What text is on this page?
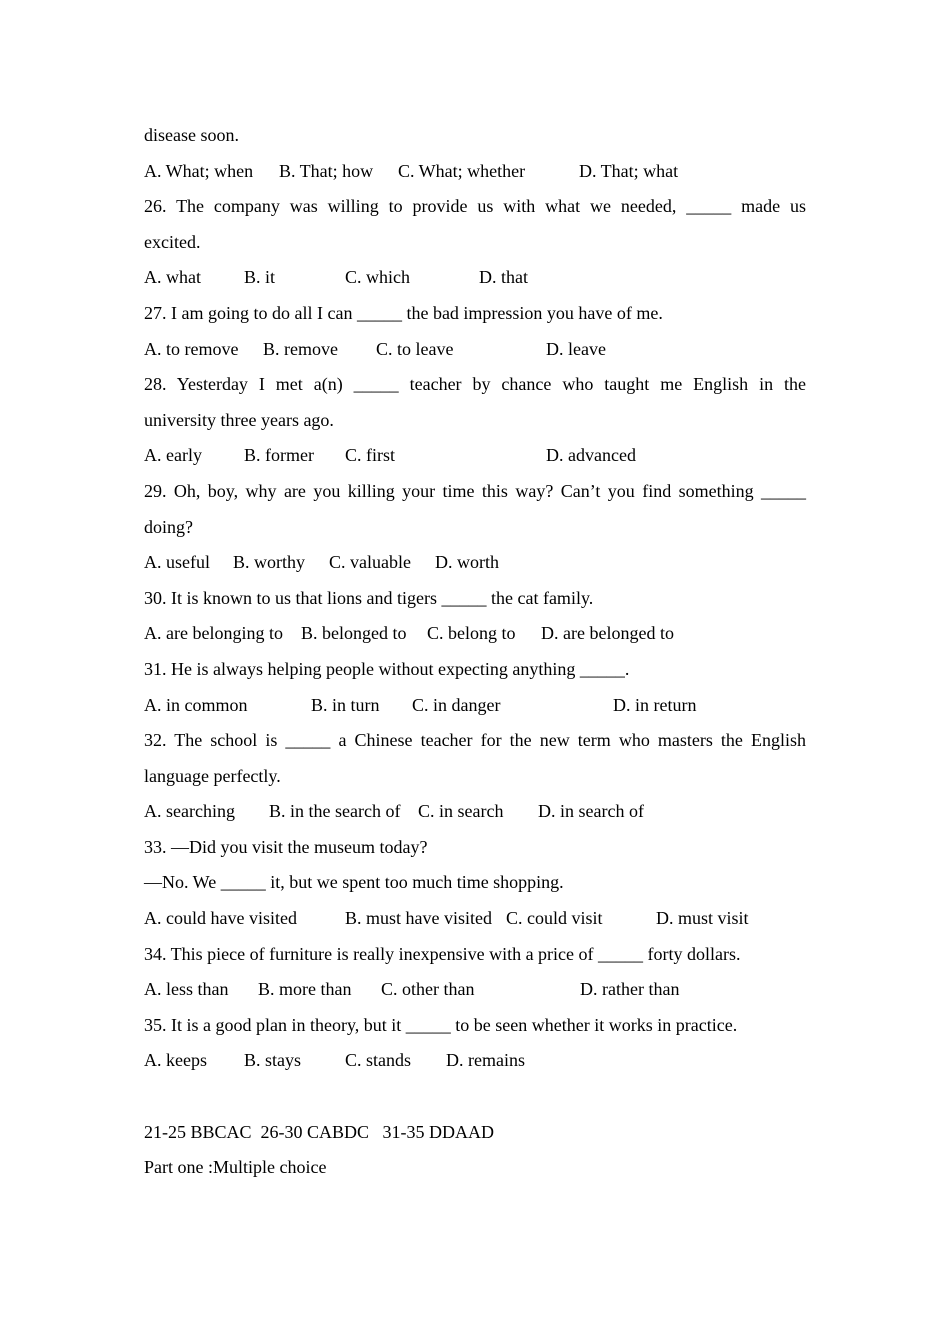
disease soon.
A. What; when	B. That; how	C. What; whether	D. That; what
26. The company was willing to provide us with what we needed, _____ made us
excited.
A. what	B. it	C. which	D. that
27. I am going to do all I can _____ the bad impression you have of me.
A. to remove	B. remove	C. to leave	D. leave
28. Yesterday I met a(n) _____ teacher by chance who taught me English in the
university three years ago.
A. early	B. former	C. first	D. advanced
29. Oh, boy, why are you killing your time this way? Can’t you find something _____
doing?
A. useful	B. worthy	C. valuable	D. worth
30. It is known to us that lions and tigers _____ the cat family.
A. are belonging to	B. belonged to	C. belong to	D. are belonged to
31. He is always helping people without expecting anything _____.
A. in common	B. in turn	C. in danger	D. in return
32. The school is _____ a Chinese teacher for the new term who masters the English
language perfectly.
A. searching	B. in the search of C. in search	D. in search of
33. —Did you visit the museum today?
—No. We _____ it, but we spent too much time shopping.
A. could have visited	B. must have visited C. could visit	D. must visit
34. This piece of furniture is really inexpensive with a price of _____ forty dollars.
A. less than	B. more than	C. other than	D. rather than
35. It is a good plan in theory, but it _____ to be seen whether it works in practice.
A. keeps	B. stays	C. stands	D. remains
21-25 BBCAC  26-30 CABDC   31-35 DDAAD
Part one :Multiple choice
